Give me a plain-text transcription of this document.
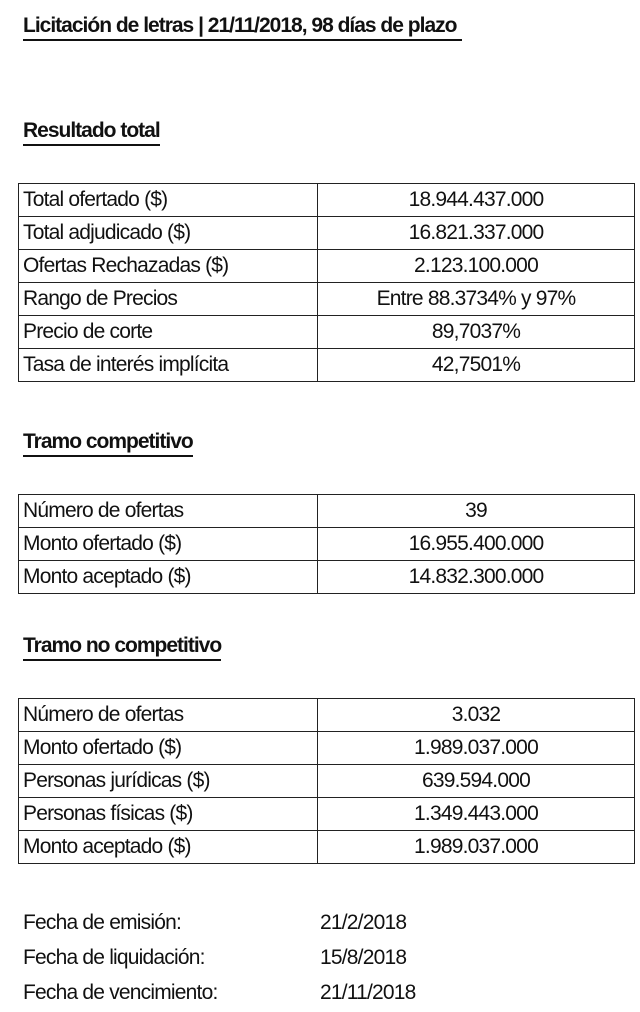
Licitación de letras | 21/11/2018, 98 días de plazo
Resultado total
Total ofertado ($)	18.944.437.000
Total adjudicado ($)	16.821.337.000
Ofertas Rechazadas ($)	2.123.100.000
Rango de Precios	Entre 88.3734% y 97%
Precio de corte	89,7037%
Tasa de interés implícita	42,7501%
Tramo competitivo
Número de ofertas	39
Monto ofertado ($)	16.955.400.000
Monto aceptado ($)	14.832.300.000
Tramo no competitivo
Número de ofertas	3.032
Monto ofertado ($)	1.989.037.000
Personas jurídicas ($)	639.594.000
Personas físicas ($)	1.349.443.000
Monto aceptado ($)	1.989.037.000
Fecha de emisión:	21/2/2018
Fecha de liquidación:	15/8/2018
Fecha de vencimiento:	21/11/2018
